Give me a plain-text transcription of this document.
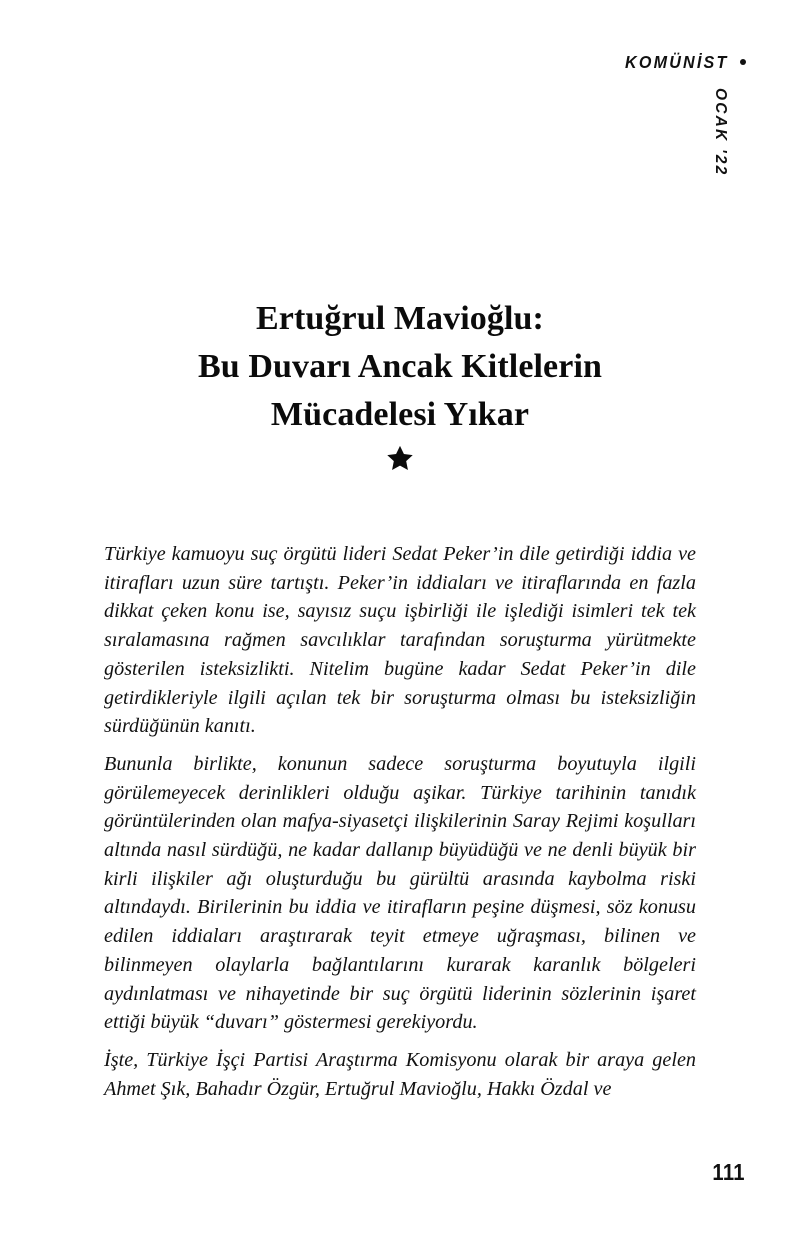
KOMÜNİST
OCAK '22
Ertuğrul Mavioğlu:
Bu Duvarı Ancak Kitlelerin
Mücadelesi Yıkar

Türkiye kamuoyu suç örgütü lideri Sedat Peker’in dile getirdiği iddia ve itirafları uzun süre tartıştı. Peker’in iddiaları ve itiraflarında en fazla dikkat çeken konu ise, sayısız suçu işbirliği ile işlediği isimleri tek tek sıralamasına rağmen savcılıklar tarafından soruşturma yürütmekte gösterilen isteksizlikti. Nitelim bugüne kadar Sedat Peker’in dile getirdikleriyle ilgili açılan tek bir soruşturma olması bu isteksizliğin sürdüğünün kanıtı.

Bununla birlikte, konunun sadece soruşturma boyutuyla ilgili görülemeyecek derinlikleri olduğu aşikar. Türkiye tarihinin tanıdık görüntülerinden olan mafya-siyasetçi ilişkilerinin Saray Rejimi koşulları altında nasıl sürdüğü, ne kadar dallanıp büyüdüğü ve ne denli büyük bir kirli ilişkiler ağı oluşturduğu bu gürültü arasında kaybolma riski altındaydı. Birilerinin bu iddia ve itirafların peşine düşmesi, söz konusu edilen iddiaları araştırarak teyit etmeye uğraşması, bilinen ve bilinmeyen olaylarla bağlantılarını kurarak karanlık bölgeleri aydınlatması ve nihayetinde bir suç örgütü liderinin sözlerinin işaret ettiği büyük “duvarı” göstermesi gerekiyordu.

İşte, Türkiye İşçi Partisi Araştırma Komisyonu olarak bir araya gelen Ahmet Şık, Bahadır Özgür, Ertuğrul Mavioğlu, Hakkı Özdal ve

111
